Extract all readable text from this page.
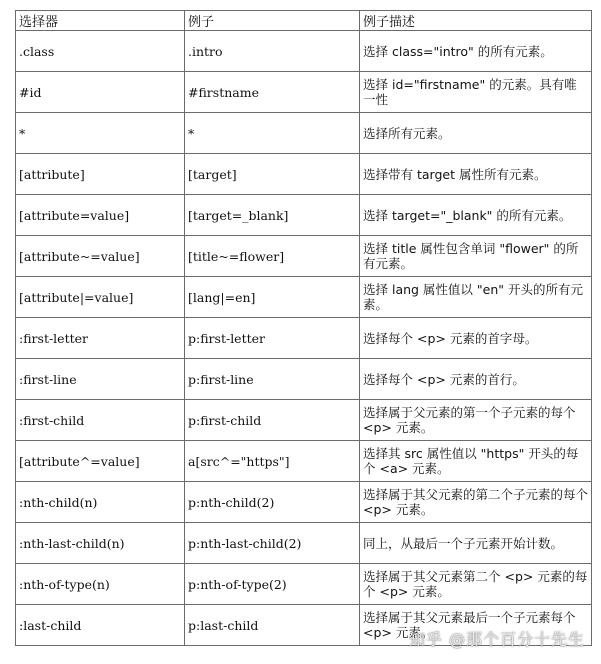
选择器	例子	例子描述
.class	.intro	选择 class="intro" 的所有元素。
#id	#firstname	选择 id="firstname" 的元素。具有唯一性
*	*	选择所有元素。
[attribute]	[target]	选择带有 target 属性所有元素。
[attribute=value]	[target=_blank]	选择 target="_blank" 的所有元素。
[attribute~=value]	[title~=flower]	选择 title 属性包含单词 "flower" 的所有元素。
[attribute|=value]	[lang|=en]	选择 lang 属性值以 "en" 开头的所有元素。
:first-letter	p:first-letter	选择每个 <p> 元素的首字母。
:first-line	p:first-line	选择每个 <p> 元素的首行。
:first-child	p:first-child	选择属于父元素的第一个子元素的每个 <p> 元素。
[attribute^=value]	a[src^="https"]	选择其 src 属性值以 "https" 开头的每个 <a> 元素。
:nth-child(n)	p:nth-child(2)	选择属于其父元素的第二个子元素的每个 <p> 元素。
:nth-last-child(n)	p:nth-last-child(2)	同上，从最后一个子元素开始计数。
:nth-of-type(n)	p:nth-of-type(2)	选择属于其父元素第二个 <p> 元素的每个 <p> 元素。
:last-child	p:last-child	选择属于其父元素最后一个子元素每个 <p> 元素。
知乎 @那个百分十先生
